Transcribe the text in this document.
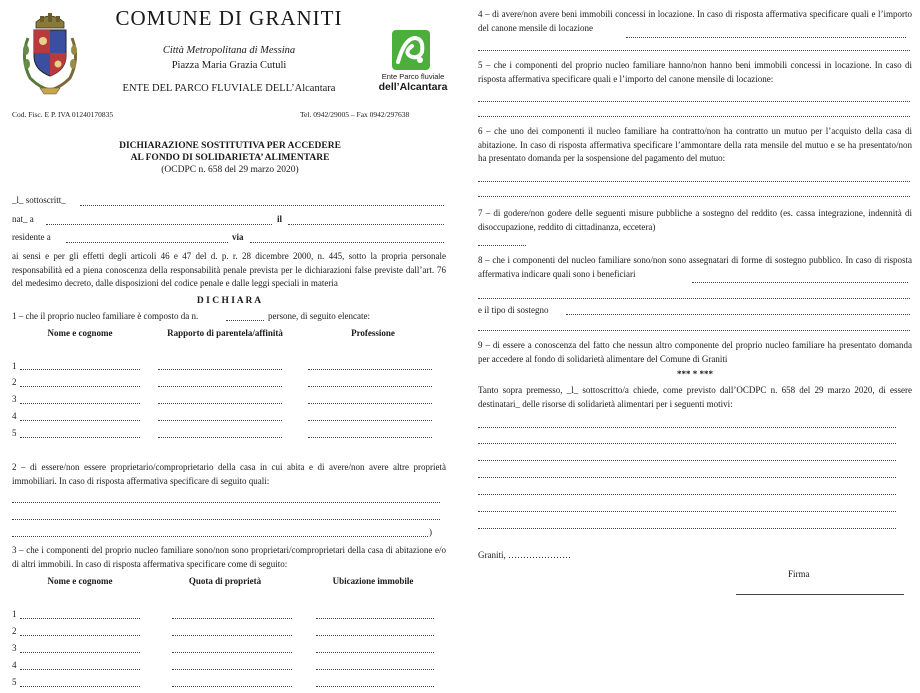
COMUNE DI GRANITI
Città Metropolitana di Messina
Piazza Maria Grazia Cutuli
ENTE DEL PARCO FLUVIALE DELL’Alcantara
Ente Parco fluviale
dell’Alcantara
Cod. Fisc. E P. IVA 01240170835	Tel. 0942/29005 – Fax 0942/297638
DICHIARAZIONE SOSTITUTIVA PER ACCEDERE
AL FONDO DI SOLIDARIETA’ ALIMENTARE
(OCDPC n. 658 del 29 marzo 2020)
_l_ sottoscritt_
nat_ a	il
residente a	via
ai sensi e per gli effetti degli articoli 46 e 47 del d. p. r. 28 dicembre 2000, n. 445, sotto la propria personale responsabilità ed a piena conoscenza della responsabilità penale prevista per le dichiarazioni false previste dall’art. 76 del medesimo decreto, dalle disposizioni del codice penale e dalle leggi speciali in materia
D I C H I A R A
1 – che il proprio nucleo familiare è composto da n.	persone, di seguito elencate:
Nome e cognome	Rapporto di parentela/affinità	Professione
1
2
3
4
5
2 – di essere/non essere proprietario/comproprietario della casa in cui abita e di avere/non avere altre proprietà immobiliari. In caso di risposta affermativa specificare di seguito quali:
)
3 – che i componenti del proprio nucleo familiare sono/non sono proprietari/comproprietari della casa di abitazione e/o di altri immobili. In caso di risposta affermativa specificare come di seguito:
Nome e cognome	Quota di proprietà	Ubicazione immobile
1
2
3
4
5
4 – di avere/non avere beni immobili concessi in locazione. In caso di risposta affermativa specificare quali e l’importo del canone mensile di locazione
5 – che i componenti del proprio nucleo familiare hanno/non hanno beni immobili concessi in locazione. In caso di risposta affermativa specificare quali e l’importo del canone mensile di locazione:
6 – che uno dei componenti il nucleo familiare ha contratto/non ha contratto un mutuo per l’acquisto della casa di abitazione. In caso di risposta affermativa specificare l’ammontare della rata mensile del mutuo e se ha presentato/non ha presentato domanda per la sospensione del pagamento del mutuo:
7 – di godere/non godere delle seguenti misure pubbliche a sostegno del reddito (es. cassa integrazione, indennità di disoccupazione, reddito di cittadinanza, eccetera)
8 – che i componenti del nucleo familiare sono/non sono assegnatari di forme di sostegno pubblico. In caso di risposta affermativa indicare quali sono i beneficiari
e il tipo di sostegno
9 – di essere a conoscenza del fatto che nessun altro componente del proprio nucleo familiare ha presentato domanda per accedere al fondo di solidarietà alimentare del Comune di Graniti
*** * ***
Tanto sopra premesso, _l_ sottoscritto/a chiede, come previsto dall’OCDPC n. 658 del 29 marzo 2020, di essere destinatari_ delle risorse di solidarietà alimentari per i seguenti motivi:
Graniti, …………………
Firma
